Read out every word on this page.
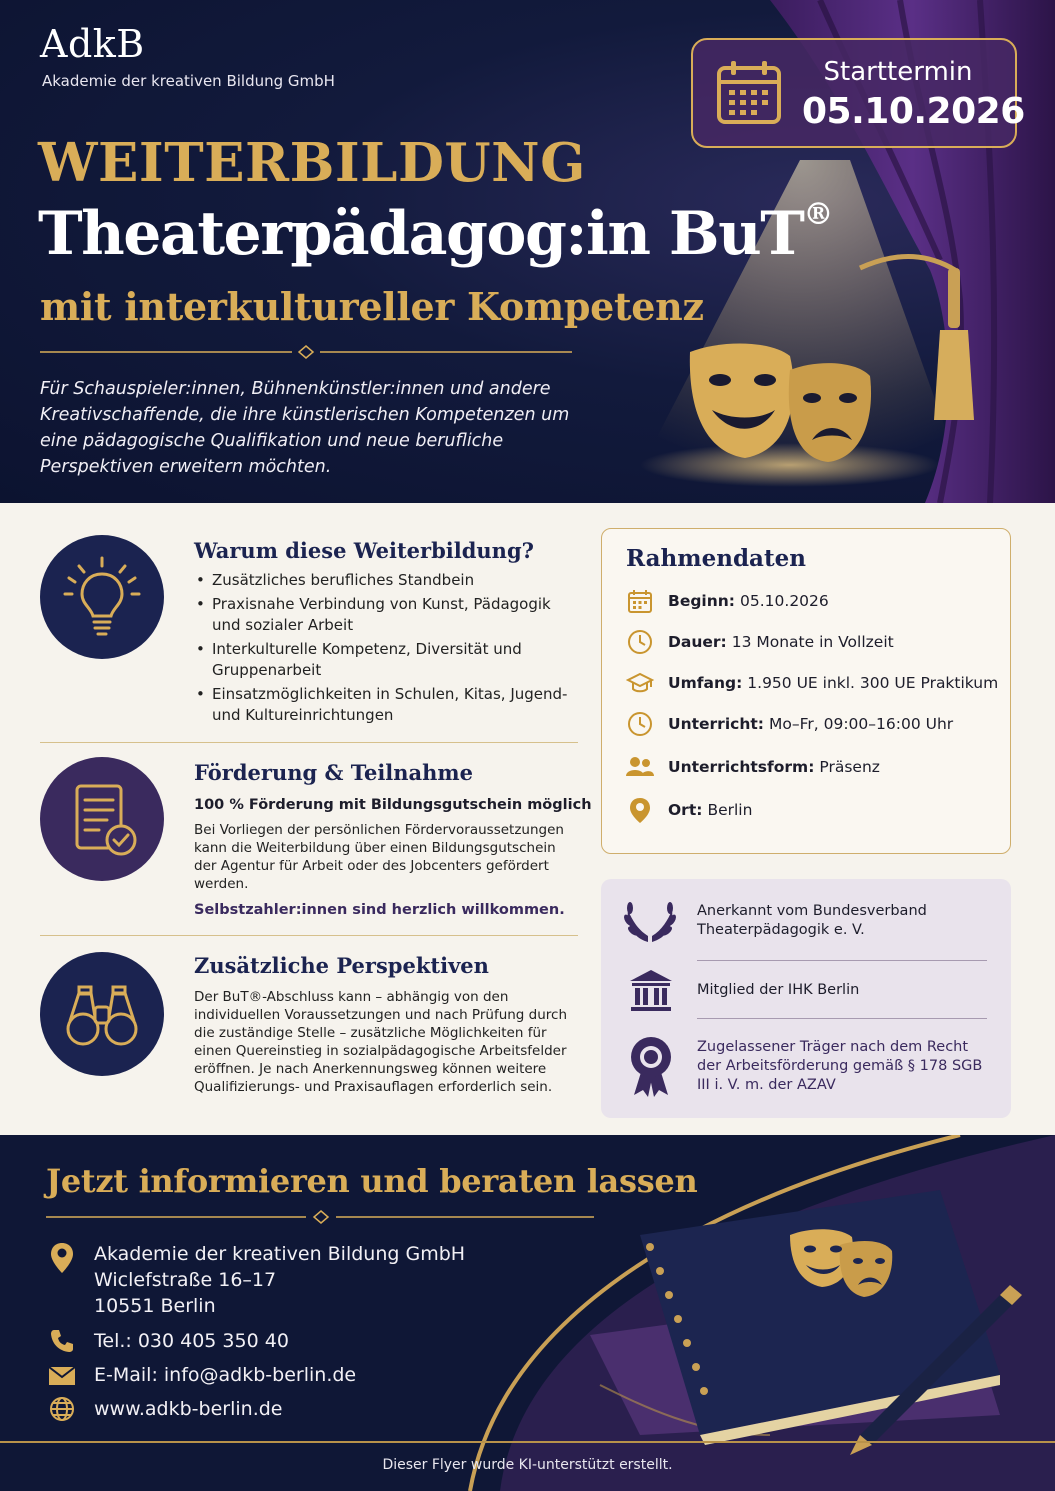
AdkB
Akademie der kreativen Bildung GmbH	Starttermin
05.10.2026
WEITERBILDUNG
Theaterpädagog:in BuT®
mit interkultureller Kompetenz
Für Schauspieler:innen, Bühnenkünstler:innen und andere Kreativschaffende, die ihre künstlerischen Kompetenzen um eine pädagogische Qualifikation und neue berufliche Perspektiven erweitern möchten.
Warum diese Weiterbildung?
• Zusätzliches berufliches Standbein
• Praxisnahe Verbindung von Kunst, Pädagogik und sozialer Arbeit
• Interkulturelle Kompetenz, Diversität und Gruppenarbeit
• Einsatzmöglichkeiten in Schulen, Kitas, Jugend- und Kultureinrichtungen
Förderung & Teilnahme
100 % Förderung mit Bildungsgutschein möglich
Bei Vorliegen der persönlichen Fördervoraussetzungen kann die Weiterbildung über einen Bildungsgutschein der Agentur für Arbeit oder des Jobcenters gefördert werden.
Selbstzahler:innen sind herzlich willkommen.
Zusätzliche Perspektiven
Der BuT®-Abschluss kann – abhängig von den individuellen Voraussetzungen und nach Prüfung durch die zuständige Stelle – zusätzliche Möglichkeiten für einen Quereinstieg in sozialpädagogische Arbeitsfelder eröffnen. Je nach Anerkennungsweg können weitere Qualifizierungs- und Praxisauflagen erforderlich sein.
Rahmendaten
Beginn: 05.10.2026
Dauer: 13 Monate in Vollzeit
Umfang: 1.950 UE inkl. 300 UE Praktikum
Unterricht: Mo–Fr, 09:00–16:00 Uhr
Unterrichtsform: Präsenz
Ort: Berlin
Anerkannt vom Bundesverband Theaterpädagogik e. V.
Mitglied der IHK Berlin
Zugelassener Träger nach dem Recht der Arbeitsförderung gemäß § 178 SGB III i. V. m. der AZAV
Jetzt informieren und beraten lassen
Akademie der kreativen Bildung GmbH
Wiclefstraße 16–17
10551 Berlin
Tel.: 030 405 350 40
E-Mail: info@adkb-berlin.de
www.adkb-berlin.de
Dieser Flyer wurde KI-unterstützt erstellt.
